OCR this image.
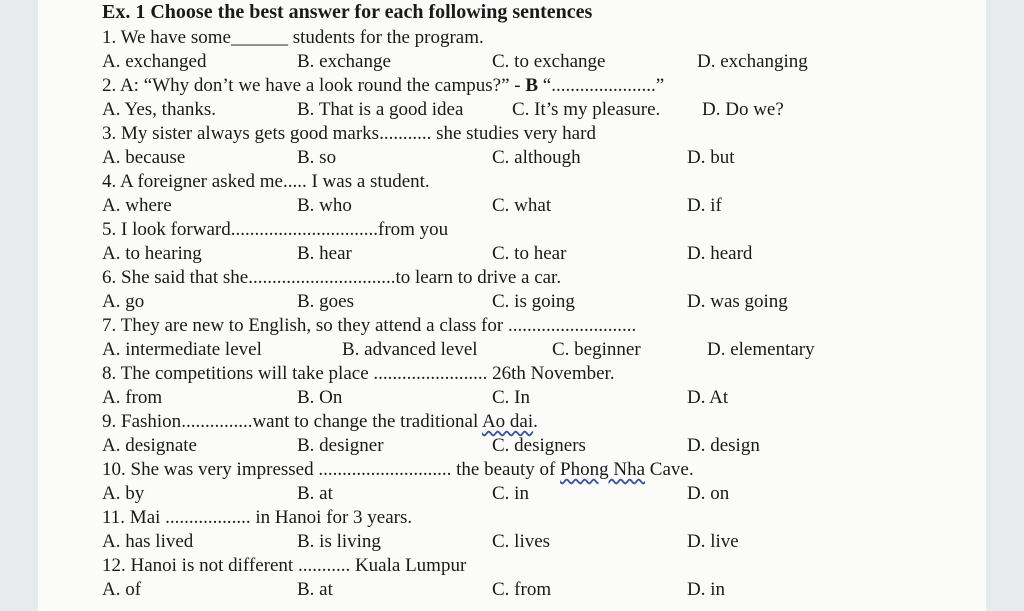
Ex. 1 Choose the best answer for each following sentences
1. We have some______ students for the program.
A. exchanged	B. exchange	C. to exchange	D. exchanging
2. A: “Why don’t we have a look round the campus?” - B “......................”
A. Yes, thanks.	B. That is a good idea	C. It’s my pleasure. D. Do we?
3. My sister always gets good marks........... she studies very hard
A. because	B. so	C. although	D. but
4. A foreigner asked me..... I was a student.
A. where	B. who	C. what	D. if
5. I look forward...............................from you
A. to hearing	B. hear	C. to hear	D. heard
6. She said that she...............................to learn to drive a car.
A. go	B. goes	C. is going	D. was going
7. They are new to English, so they attend a class for ...........................
A. intermediate level	B. advanced level	C. beginner	D. elementary
8. The competitions will take place ........................ 26th November.
A. from	B. On	C. In	D. At
9. Fashion...............want to change the traditional Ao dai.
A. designate	B. designer	C. designers	D. design
10. She was very impressed ............................ the beauty of Phong Nha Cave.
A. by	B. at	C. in	D. on
11. Mai .................. in Hanoi for 3 years.
A. has lived	B. is living	C. lives	D. live
12. Hanoi is not different ........... Kuala Lumpur
A. of	B. at	C. from	D. in
